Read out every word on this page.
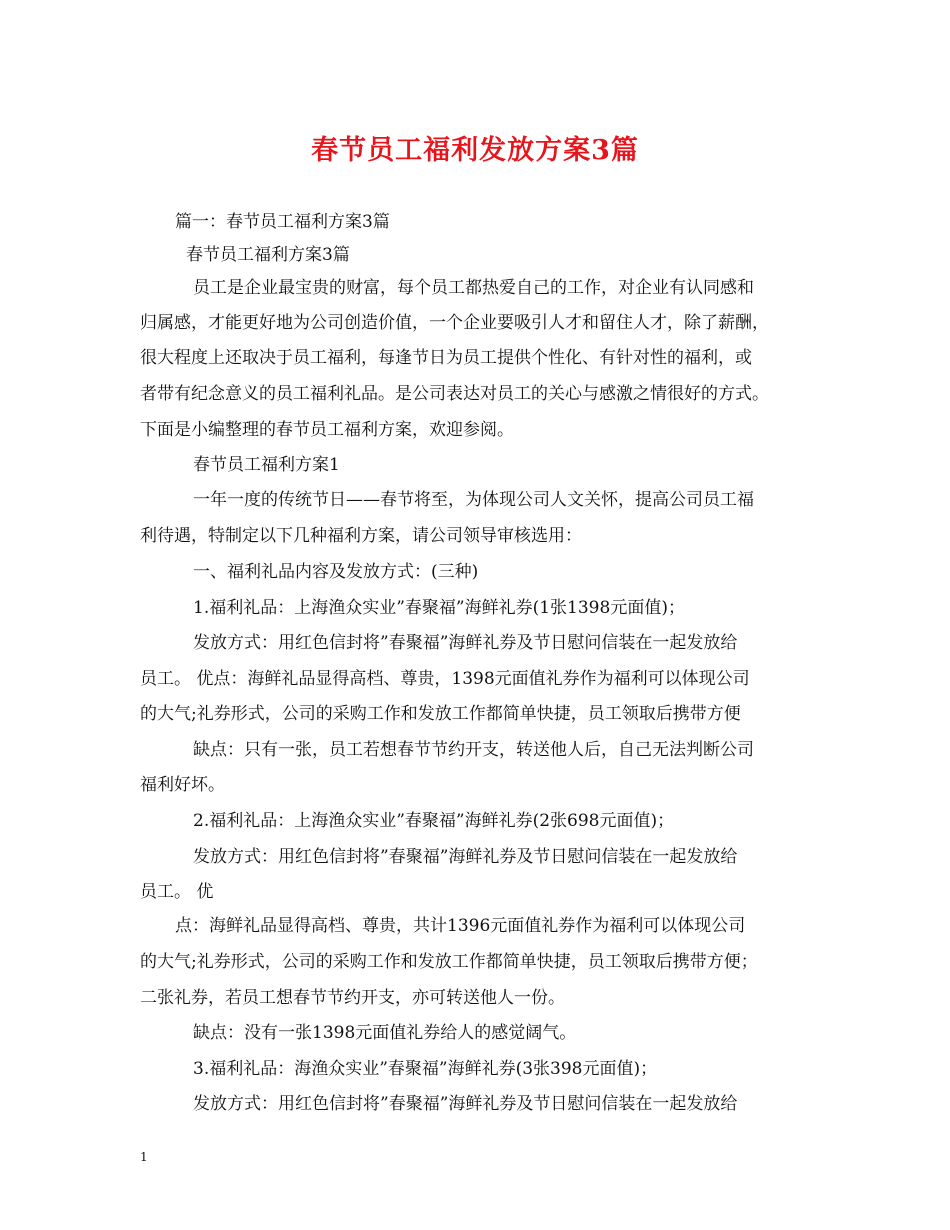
春节员工福利发放方案3篇
篇一：春节员工福利方案3篇
春节员工福利方案3篇
员工是企业最宝贵的财富，每个员工都热爱自己的工作，对企业有认同感和
归属感，才能更好地为公司创造价值，一个企业要吸引人才和留住人才，除了薪酬，
很大程度上还取决于员工福利，每逢节日为员工提供个性化、有针对性的福利，或
者带有纪念意义的员工福利礼品。是公司表达对员工的关心与感激之情很好的方式。
下面是小编整理的春节员工福利方案，欢迎参阅。
春节员工福利方案1
一年一度的传统节日——春节将至，为体现公司人文关怀，提高公司员工福
利待遇，特制定以下几种福利方案，请公司领导审核选用：
一、福利礼品内容及发放方式：(三种)
1.福利礼品：上海渔众实业”春聚福”海鲜礼券(1张1398元面值)；
发放方式：用红色信封将”春聚福”海鲜礼券及节日慰问信装在一起发放给
员工。 优点：海鲜礼品显得高档、尊贵，1398元面值礼券作为福利可以体现公司
的大气;礼券形式，公司的采购工作和发放工作都简单快捷，员工领取后携带方便
缺点：只有一张，员工若想春节节约开支，转送他人后，自己无法判断公司
福利好坏。
2.福利礼品：上海渔众实业”春聚福”海鲜礼券(2张698元面值)；
发放方式：用红色信封将”春聚福”海鲜礼券及节日慰问信装在一起发放给
员工。 优
点：海鲜礼品显得高档、尊贵，共计1396元面值礼券作为福利可以体现公司
的大气;礼券形式，公司的采购工作和发放工作都简单快捷，员工领取后携带方便；
二张礼券，若员工想春节节约开支，亦可转送他人一份。
缺点：没有一张1398元面值礼券给人的感觉阔气。
3.福利礼品：海渔众实业”春聚福”海鲜礼券(3张398元面值)；
发放方式：用红色信封将”春聚福”海鲜礼券及节日慰问信装在一起发放给
1
